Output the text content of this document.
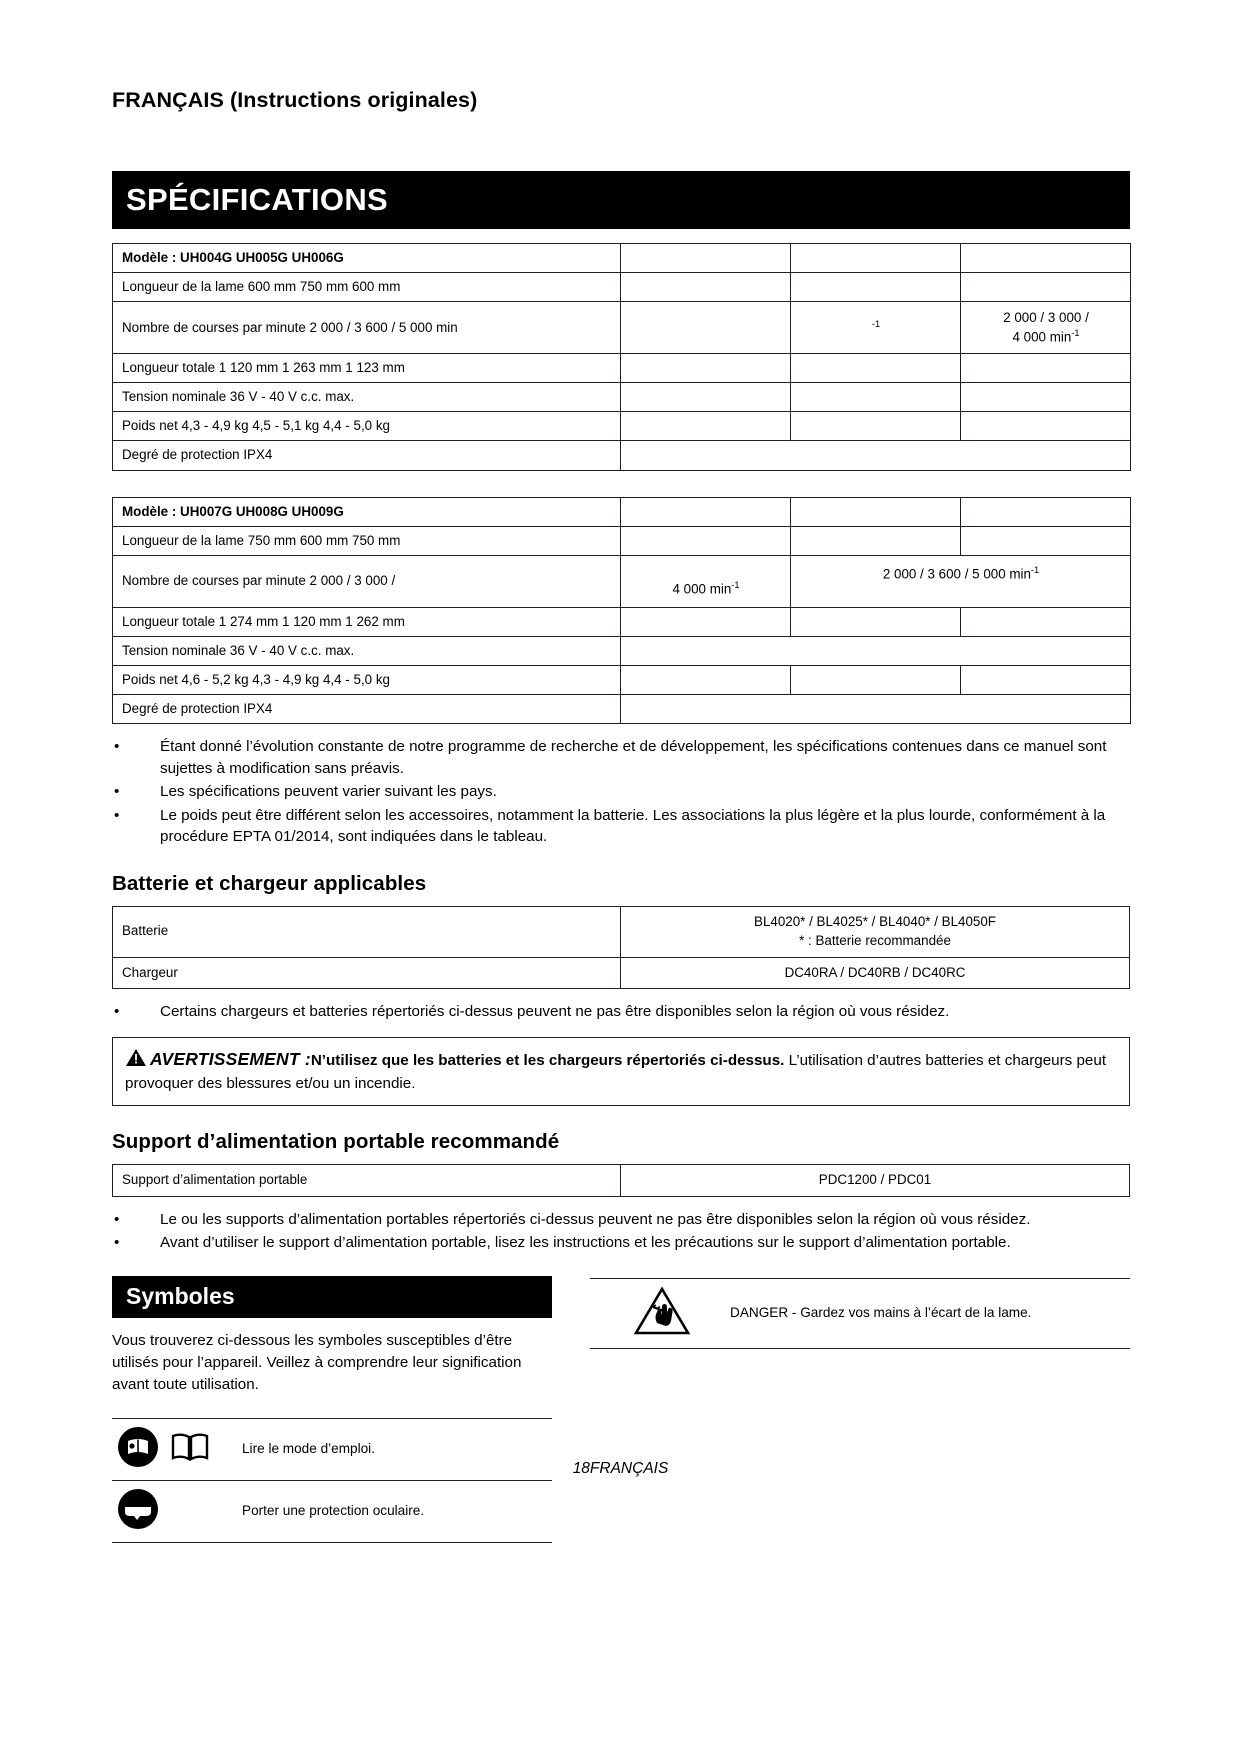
FRANÇAIS (Instructions originales)
SPÉCIFICATIONS
Modèle : UH004G UH005G UH006G			
Longueur de la lame 600 mm 750 mm 600 mm			
Nombre de courses par minute 2 000 / 3 600 / 5 000 min		$^{-1}$	2 000 / 3 000 /
4 000 $\min^{-1}$
Longueur totale 1 120 mm 1 263 mm 1 123 mm			
Tension nominale 36 V - 40 V c.c. max.			
Poids net 4,3 - 4,9 kg 4,5 - 5,1 kg 4,4 - 5,0 kg			
Degré de protection IPX4			
Modèle : UH007G UH008G UH009G			
Longueur de la lame 750 mm 600 mm 750 mm			
Nombre de courses par minute 2 000 / 3 000 /	4 000 $\min^{-1}$	2 000 / 3 600 / 5 000 $\min^{-1}$
Longueur totale 1 274 mm 1 120 mm 1 262 mm			
Tension nominale 36 V - 40 V c.c. max.			
Poids net 4,6 - 5,2 kg 4,3 - 4,9 kg 4,4 - 5,0 kg			
Degré de protection IPX4			
•	Étant donné l’évolution constante de notre programme de recherche et de développement, les spécifications contenues dans ce manuel sont sujettes à modification sans préavis.
•	Les spécifications peuvent varier suivant les pays.
•	Le poids peut être différent selon les accessoires, notamment la batterie. Les associations la plus légère et la plus lourde, conformément à la procédure EPTA 01/2014, sont indiquées dans le tableau.
Batterie et chargeur applicables
Batterie	BL4020* / BL4025* / BL4040* / BL4050F
* : Batterie recommandée

Chargeur	DC40RA / DC40RB / DC40RC
•	Certains chargeurs et batteries répertoriés ci-dessus peuvent ne pas être disponibles selon la région où vous résidez.
AVERTISSEMENT :N’utilisez que les batteries et les chargeurs répertoriés ci-dessus. L’utilisation d’autres batteries et chargeurs peut provoquer des blessures et/ou un incendie.
Support d’alimentation portable recommandé
Support d’alimentation portable	PDC1200 / PDC01
•	Le ou les supports d’alimentation portables répertoriés ci-dessus peuvent ne pas être disponibles selon la région où vous résidez.
•	Avant d’utiliser le support d’alimentation portable, lisez les instructions et les précautions sur le support d’alimentation portable.
Symboles
Vous trouverez ci-dessous les symboles susceptibles d’être utilisés pour l’appareil. Veillez à comprendre leur signification avant toute utilisation.
Lire le mode d’emploi.
Porter une protection oculaire.
DANGER - Gardez vos mains à l’écart de la lame.
18FRANÇAIS
